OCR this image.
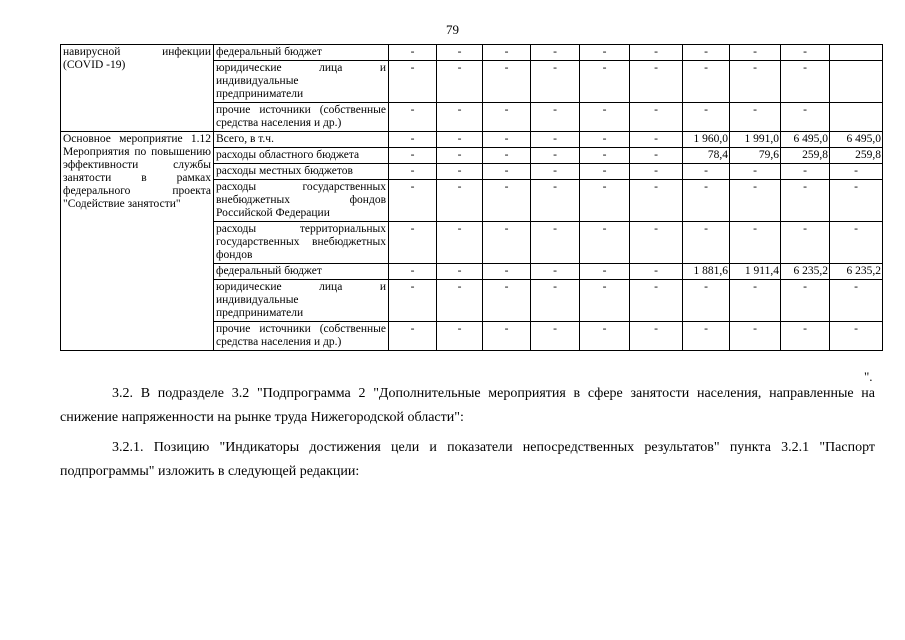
79
навирусной инфекции (COVID -19)	федеральный бюджет	-	-	-	-	-	-	-	-	-	
	юридические лица и индивидуальные предприниматели	-	-	-	-	-	-	-	-	-	
	прочие источники (собственные средства населения и др.)	-	-	-	-	-	-	-	-	-	
Основное мероприятие 1.12 Мероприятия по повышению эффективности службы занятости в рамках федерального проекта "Содействие занятости"	Всего, в т.ч.	-	-	-	-	-	-	1 960,0	1 991,0	6 495,0	6 495,0
	расходы областного бюджета	-	-	-	-	-	-	78,4	79,6	259,8	259,8
	расходы местных бюджетов	-	-	-	-	-	-	-	-	-	-
	расходы государственных внебюджетных фондов Российской Федерации	-	-	-	-	-	-	-	-	-	-
	расходы территориальных государственных внебюджетных фондов	-	-	-	-	-	-	-	-	-	-
	федеральный бюджет	-	-	-	-	-	-	1 881,6	1 911,4	6 235,2	6 235,2
	юридические лица и индивидуальные предприниматели	-	-	-	-	-	-	-	-	-	-
	прочие источники (собственные средства населения и др.)	-	-	-	-	-	-	-	-	-	-
".

3.2. В подразделе 3.2 "Подпрограмма 2 "Дополнительные мероприятия в сфере занятости населения, направленные на снижение напряженности на рынке труда Нижегородской области":

3.2.1. Позицию "Индикаторы достижения цели и показатели непосредственных результатов" пункта 3.2.1 "Паспорт подпрограммы" изложить в следующей редакции:
